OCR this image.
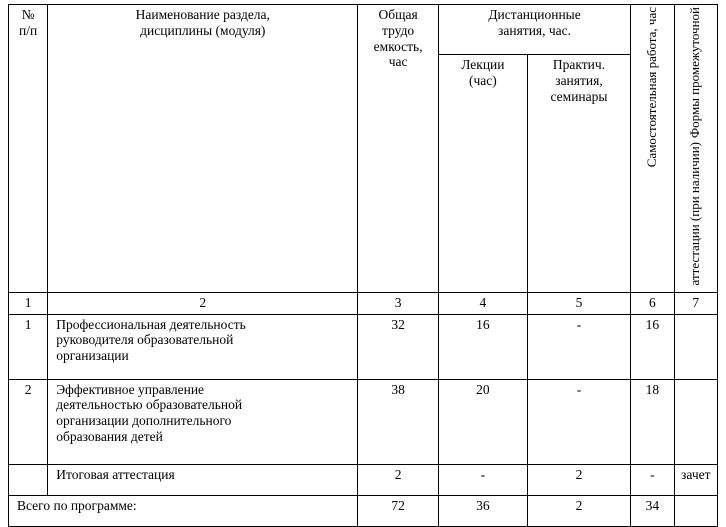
№
п/п	Наименование раздела,
дисциплины (модуля)	Общая
трудо
емкость,
час	Дистанционные
занятия, час.		Самостоятельная работа, час	Формы промежуточной
аттестации (при наличии)

			Лекции
(час)	Практич.
занятия,
семинары		

1	2	3	4	5	6	7
1	Профессиональная деятельность
руководителя образовательной
организации	32	16	-	16	
2	Эффективное управление
деятельностью образовательной
организации дополнительного
образования детей	38	20	-	18	

	Итоговая аттестация	2	-	2	-	зачет
Всего по программе:		72	36	2	34	
